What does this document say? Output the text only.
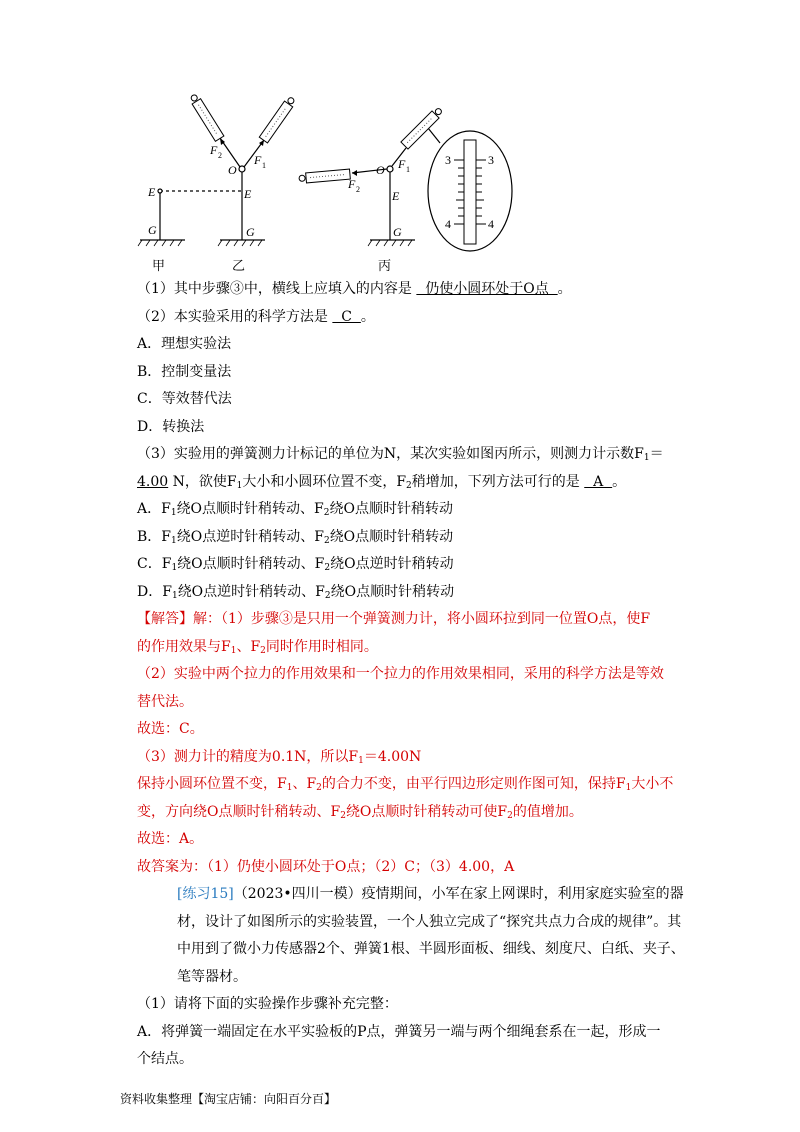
E	E	E
O	O
G	G	G
F
F
F
F
2
1
2
1
3	3
4	4
甲	乙	丙
（1）其中步骤③中，横线上应填入的内容是   仍使小圆环处于O点  。
（2）本实验采用的科学方法是   C  。
A．理想实验法
B．控制变量法
C．等效替代法
D．转换法
（3）实验用的弹簧测力计标记的单位为N，某次实验如图丙所示，则测力计示数$F_1=$
4.00 N，欲使$F_1$大小和小圆环位置不变，$F_2$稍增加，下列方法可行的是   A  。
A．$F_1$绕O点顺时针稍转动、$F_2$绕O点顺时针稍转动
B．$F_1$绕O点逆时针稍转动、$F_2$绕O点顺时针稍转动
C．$F_1$绕O点顺时针稍转动、$F_2$绕O点逆时针稍转动
D．$F_1$绕O点逆时针稍转动、$F_2$绕O点顺时针稍转动
【解答】解：（1）步骤③是只用一个弹簧测力计，将小圆环拉到同一位置O点，使F
的作用效果与$F_1$、$F_2$同时作用时相同。
（2）实验中两个拉力的作用效果和一个拉力的作用效果相同，采用的科学方法是等效
替代法。
故选：C。
（3）测力计的精度为0.1N，所以$F_1=4.00N$
保持小圆环位置不变，$F_1$、$F_2$的合力不变，由平行四边形定则作图可知，保持$F_1$大小不
变，方向绕O点顺时针稍转动、$F_2$绕O点顺时针稍转动可使$F_2$的值增加。
故选：A。
故答案为：（1）仍使小圆环处于O点；（2）C；（3）4.00，A
[练习15]（2023•四川一模）疫情期间，小军在家上网课时，利用家庭实验室的器
材，设计了如图所示的实验装置，一个人独立完成了“探究共点力合成的规律”。其
中用到了微小力传感器2个、弹簧1根、半圆形面板、细线、刻度尺、白纸、夹子、
笔等器材。
（1）请将下面的实验操作步骤补充完整：
A．将弹簧一端固定在水平实验板的P点，弹簧另一端与两个细绳套系在一起，形成一
个结点。
资料收集整理【淘宝店铺：向阳百分百】
